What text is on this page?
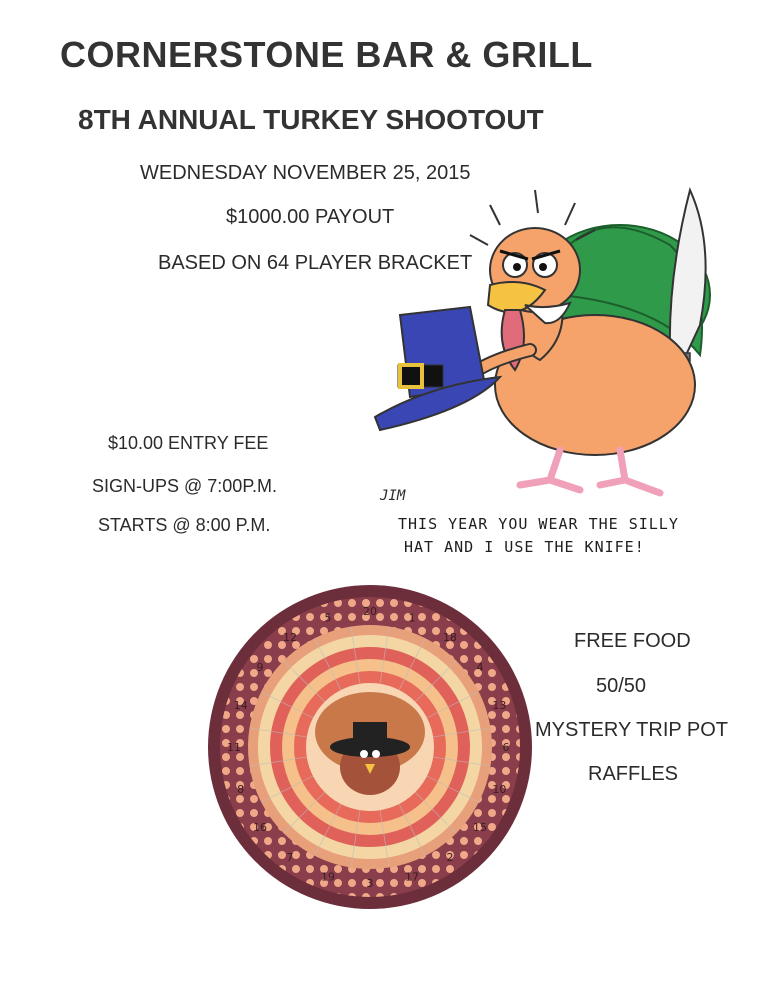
CORNERSTONE BAR & GRILL
8TH ANNUAL TURKEY SHOOTOUT

WEDNESDAY NOVEMBER 25, 2015

$1000.00 PAYOUT

BASED ON 64 PLAYER BRACKET

$10.00 ENTRY FEE

SIGN-UPS @ 7:00P.M.

STARTS @ 8:00 P.M.

JIM

THIS YEAR YOU WEAR THE SILLY

HAT AND I USE THE KNIFE!

20
1
18
4
13
6
10
15
2
17
3
19
7
16
8
11
14
9
12
5

FREE FOOD

50/50

MYSTERY TRIP POT

RAFFLES
